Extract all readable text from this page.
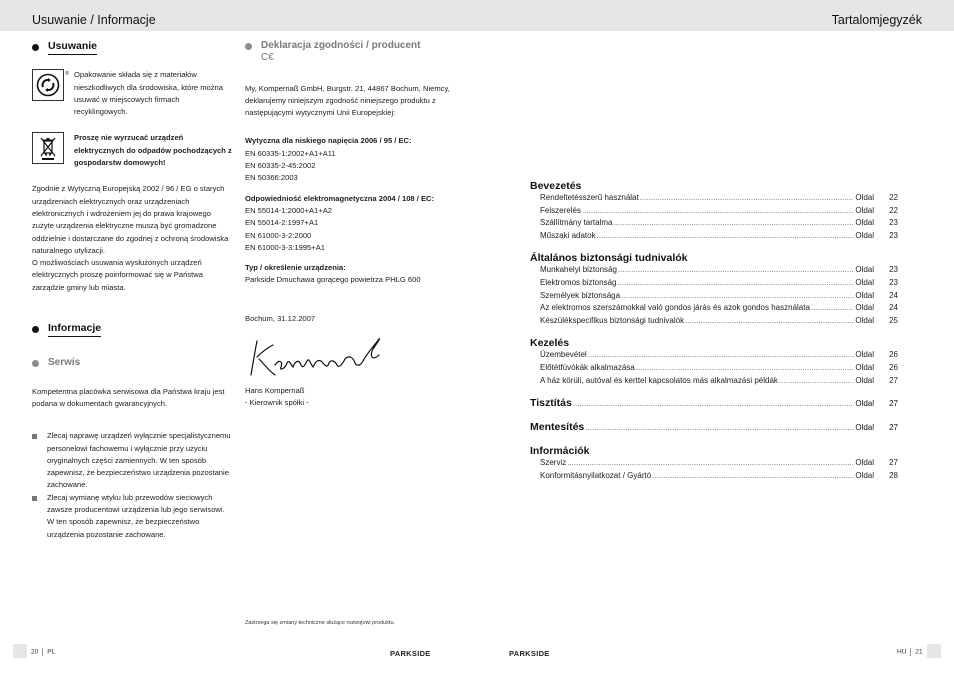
Usuwanie / Informacje	Tartalomjegyzék
Usuwanie
® Opakowanie składa się z materiałów nieszkodliwych dla środowiska, które można usuwać w miejscowych firmach recyklingowych.
Proszę nie wyrzucać urządzeń elektrycznych do odpadów pochodzących z gospodarstw domowych!
Zgodnie z Wytyczną Europejską 2002 / 96 / EG o starych urządzeniach elektrycznych oraz urządzeniach elektronicznych i wdrożeniem jej do prawa krajowego zużyte urządzenia elektryczne muszą być gromadzone oddzielnie i dostarczane do zgodnej z ochroną środowiska naturalnego utylizacji.
O możliwościach usuwania wysłużonych urządzeń elektrycznych proszę poinformować się w Państwa zarządzie gminy lub miasta.
Informacje
Serwis
Kompetentna placówka serwisowa dla Państwa kraju jest podana w dokumentach gwarancyjnych.
Zlecaj naprawę urządzeń wyłącznie specjalistycznemu personelowi fachowemu i wyłącznie przy użyciu oryginalnych części zamiennych. W ten sposób zapewnisz, że bezpieczeństwo urządzenia pozostanie zachowane.
Zlecaj wymianę wtyku lub przewodów sieciowych zawsze producentowi urządzenia lub jego serwisowi. W ten sposób zapewnisz, że bezpieczeństwo urządzenia pozostanie zachowane.
Deklaracja zgodności / producent C€
My, Kompernaß GmbH, Burgstr. 21, 44867 Bochum, Niemcy, deklarujemy niniejszym zgodność niniejszego produktu z następującymi wytycznymi Unii Europejskiej:
Wytyczna dla niskiego napięcia 2006 / 95 / EC:
EN 60335-1:2002+A1+A11
EN 60335-2-45:2002
EN 50366:2003
Odpowiedniość elektromagnetyczna 2004 / 108 / EC:
EN 55014-1:2000+A1+A2
EN 55014-2:1997+A1
EN 61000-3-2:2000
EN 61000-3-3:1995+A1
Typ / określenie urządzenia:
Parkside Dmuchawa gorącego powietrza PHLG 600
Bochum, 31.12.2007
Hans Kompernaß
- Kierownik spółki -
Bevezetés
Rendeltetésszerű használat .....	Oldal	22
Felszerelés .....	Oldal	22
Szállítmány tartalma .....	Oldal	23
Műszaki adatok .....	Oldal	23
Általános biztonsági tudnivalók
Munkahelyi biztonság .....	Oldal	23
Elektromos biztonság .....	Oldal	23
Személyek biztonsága .....	Oldal	24
Az elektromos szerszámokkal való gondos járás és azok gondos használata .....	Oldal	24
Készülékspecifikus biztonsági tudnivalók .....	Oldal	25
Kezelés
Üzembevétel .....	Oldal	26
Előtétfúvókák alkalmazása .....	Oldal	26
A ház körüli, autóval és kerttel kapcsolatos más alkalmazási példák .....	Oldal	27
Tisztítás .....	Oldal	27
Mentesítés .....	Oldal	27
Információk
Szerviz .....	Oldal	27
Konformitásnyilatkozat / Gyártó .....	Oldal	28
Zastrzega się zmiany techniczne służące rozwojowi produktu.
20 PL	HU 21
PARKSIDE	PARKSIDE
